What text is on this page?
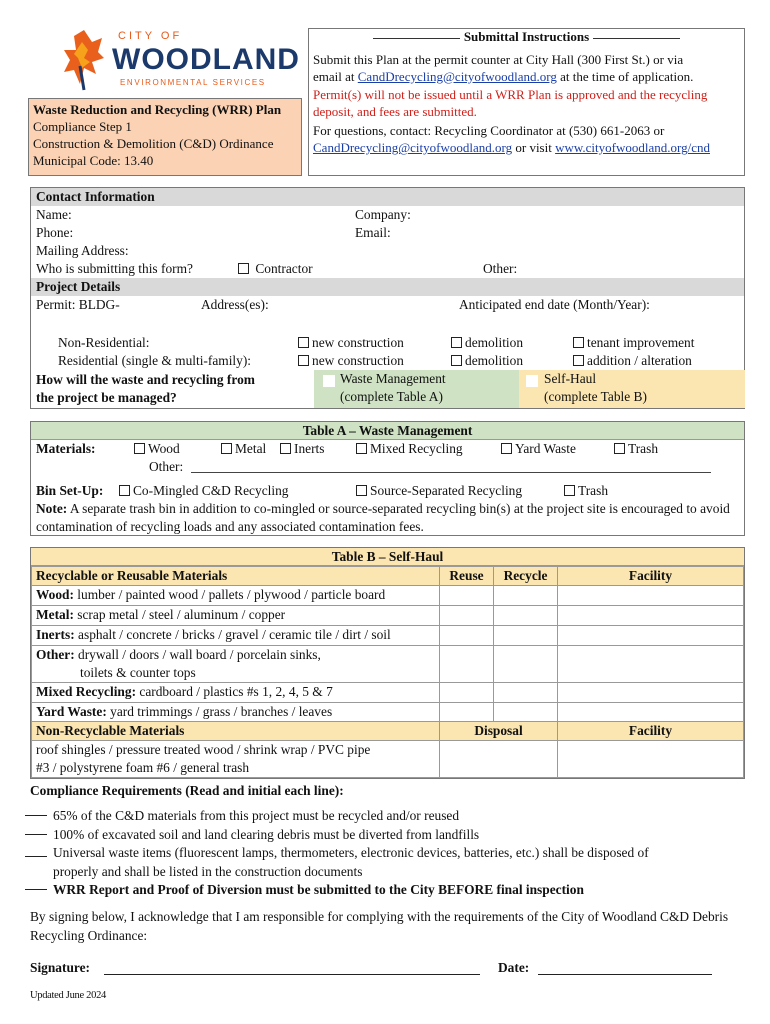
CITY OF
WOODLAND
ENVIRONMENTAL SERVICES
Waste Reduction and Recycling (WRR) Plan
Compliance Step 1
Construction & Demolition (C&D) Ordinance
Municipal Code: 13.40
Submittal Instructions
Submit this Plan at the permit counter at City Hall (300 First St.) or via
email at CandDrecycling@cityofwoodland.org at the time of application.
Permit(s) will not be issued until a WRR Plan is approved and the recycling deposit, and fees are submitted.
For questions, contact: Recycling Coordinator at (530) 661-2063 or
CandDrecycling@cityofwoodland.org or visit www.cityofwoodland.org/cnd
Contact Information
Name:	Company:
Phone:	Email:
Mailing Address:
Who is submitting this form?	Contractor	Other:
Project Details
Permit: BLDG-	Address(es):	Anticipated end date (Month/Year):
Non-Residential:	new construction	demolition	tenant improvement
Residential (single & multi-family):	new construction	demolition	addition / alteration
How will the waste and recycling from
the project be managed?
Waste Management
(complete Table A)
Self-Haul
(complete Table B)
Table A – Waste Management
Materials:	Wood	Metal	Inerts	Mixed Recycling	Yard Waste	Trash
Other:
Bin Set-Up:	Co-Mingled C&D Recycling	Source-Separated Recycling	Trash
Note: A separate trash bin in addition to co-mingled or source-separated recycling bin(s) at the project site is encouraged to avoid contamination of recycling loads and any associated contamination fees.
Table B – Self-Haul
Recyclable or Reusable Materials	Reuse	Recycle	Facility
Wood: lumber / painted wood / pallets / plywood / particle board			
Metal: scrap metal / steel / aluminum / copper			
Inerts: asphalt / concrete / bricks / gravel / ceramic tile / dirt / soil			
Other: drywall / doors / wall board / porcelain sinks,
toilets & counter tops			

Mixed Recycling: cardboard / plastics #s 1, 2, 4, 5 & 7			
Yard Waste: yard trimmings / grass / branches / leaves			
Non-Recyclable Materials	Disposal		Facility

roof shingles / pressure treated wood / shrink wrap / PVC pipe
#3 / polystyrene foam #6 / general trash			

Compliance Requirements (Read and initial each line):
65% of the C&D materials from this project must be recycled and/or reused
100% of excavated soil and land clearing debris must be diverted from landfills
Universal waste items (fluorescent lamps, thermometers, electronic devices, batteries, etc.) shall be disposed of
properly and shall be listed in the construction documents
WRR Report and Proof of Diversion must be submitted to the City BEFORE final inspection
By signing below, I acknowledge that I am responsible for complying with the requirements of the City of Woodland C&D Debris Recycling Ordinance:
Signature:	Date:
Updated June 2024
